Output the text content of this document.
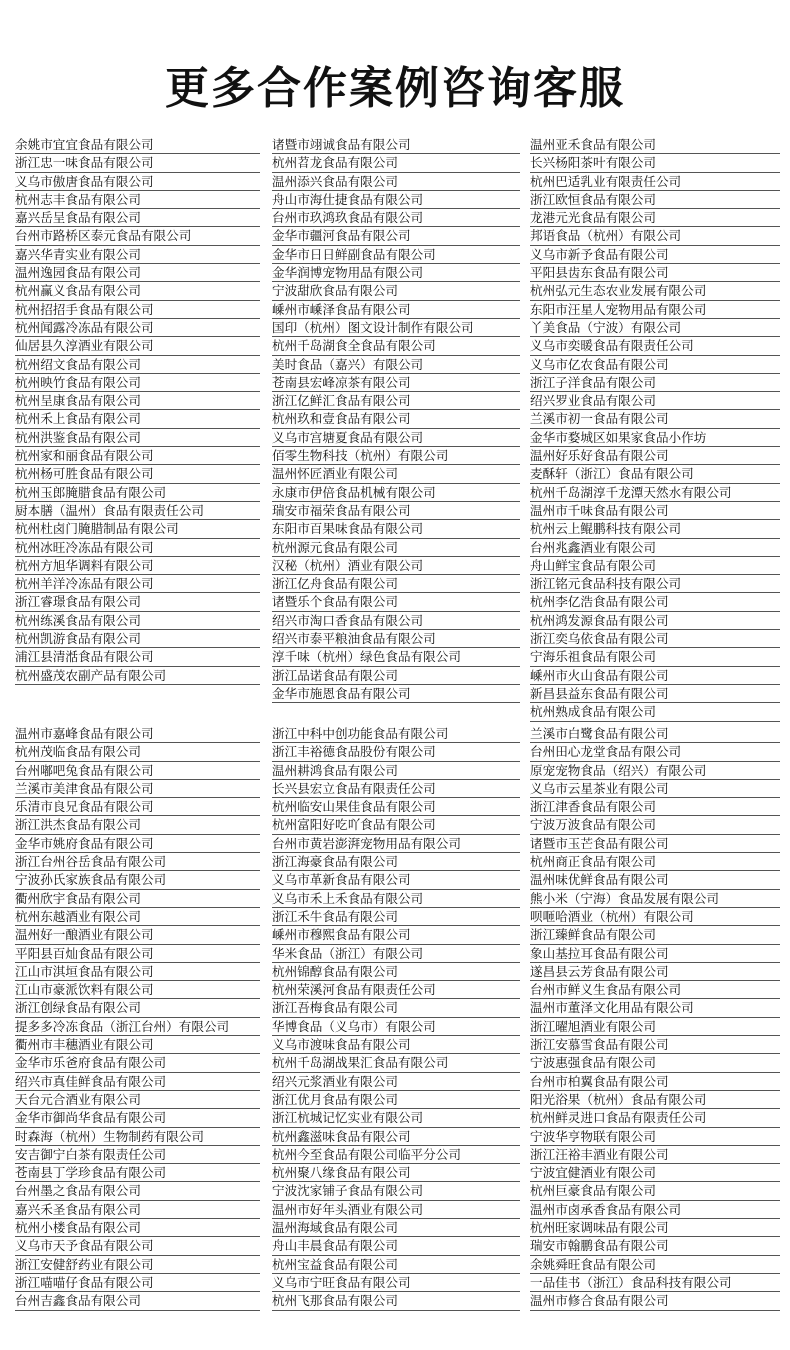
更多合作案例咨询客服
余姚市宜宜食品有限公司
浙江忠一味食品有限公司
义乌市傲唐食品有限公司
杭州志丰食品有限公司
嘉兴岳呈食品有限公司
台州市路桥区泰元食品有限公司
嘉兴华青实业有限公司
温州逸园食品有限公司
杭州赢义食品有限公司
杭州招招手食品有限公司
杭州闻露冷冻品有限公司
仙居县久淳酒业有限公司
杭州绍文食品有限公司
杭州映竹食品有限公司
杭州呈康食品有限公司
杭州禾上食品有限公司
杭州洪鉴食品有限公司
杭州家和丽食品有限公司
杭州杨可胜食品有限公司
杭州玉郎腌腊食品有限公司
厨本膳（温州）食品有限责任公司
杭州杜卤门腌腊制品有限公司
杭州冰旺冷冻品有限公司
杭州方旭华调料有限公司
杭州羊洋冷冻品有限公司
浙江睿璟食品有限公司
杭州练溪食品有限公司
杭州凯游食品有限公司
浦江县清湉食品有限公司
杭州盛茂农副产品有限公司
诸暨市翊诚食品有限公司
杭州苕龙食品有限公司
温州添兴食品有限公司
舟山市海仕捷食品有限公司
台州市玖鸿玖食品有限公司
金华市疆河食品有限公司
金华市日日鲜副食品有限公司
金华润博宠物用品有限公司
宁波甜欣食品有限公司
嵊州市嵊泽食品有限公司
国印（杭州）图文设计制作有限公司
杭州千岛湖食全食品有限公司
美时食品（嘉兴）有限公司
苍南县宏峰凉茶有限公司
浙江亿鲜汇食品有限公司
杭州玖和壹食品有限公司
义乌市宫塘夏食品有限公司
佰零生物科技（杭州）有限公司
温州怀匠酒业有限公司
永康市伊倍食品机械有限公司
瑞安市福荣食品有限公司
东阳市百果味食品有限公司
杭州源元食品有限公司
汉秘（杭州）酒业有限公司
浙江亿舟食品有限公司
诸暨乐个食品有限公司
绍兴市淘口香食品有限公司
绍兴市泰平粮油食品有限公司
淳千味（杭州）绿色食品有限公司
浙江品诺食品有限公司
金华市施恩食品有限公司
温州亚禾食品有限公司
长兴杨阳茶叶有限公司
杭州巴适乳业有限责任公司
浙江欧恒食品有限公司
龙港元光食品有限公司
邦语食品（杭州）有限公司
义乌市新予食品有限公司
平阳县齿东食品有限公司
杭州弘元生态农业发展有限公司
东阳市汪星人宠物用品有限公司
丫美食品（宁波）有限公司
义乌市奕暖食品有限责任公司
义乌市亿农食品有限公司
浙江子洋食品有限公司
绍兴罗业食品有限公司
兰溪市初一食品有限公司
金华市婺城区如果家食品小作坊
温州好乐好食品有限公司
麦酥轩（浙江）食品有限公司
杭州千岛湖淳千龙潭天然水有限公司
温州市千味食品有限公司
杭州云上鲲鹏科技有限公司
台州兆鑫酒业有限公司
舟山鲜宝食品有限公司
浙江铭元食品科技有限公司
杭州李亿浩食品有限公司
杭州鸿发源食品有限公司
浙江奕乌依食品有限公司
宁海乐祖食品有限公司
嵊州市火山食品有限公司
新昌县益东食品有限公司
杭州熟成食品有限公司
温州市嘉峰食品有限公司
杭州茂临食品有限公司
台州嘟吧兔食品有限公司
兰溪市美津食品有限公司
乐清市良兄食品有限公司
浙江洪杰食品有限公司
金华市姚府食品有限公司
浙江台州谷岳食品有限公司
宁波孙氏家族食品有限公司
衢州欣宇食品有限公司
杭州东越酒业有限公司
温州好一酿酒业有限公司
平阳县百灿食品有限公司
江山市淇垣食品有限公司
江山市豪派饮料有限公司
浙江创绿食品有限公司
提多多冷冻食品（浙江台州）有限公司
衢州市丰穗酒业有限公司
金华市乐爸府食品有限公司
绍兴市真佳鲜食品有限公司
天台元合酒业有限公司
金华市御尚华食品有限公司
时森海（杭州）生物制药有限公司
安吉御宁白茶有限责任公司
苍南县丁学珍食品有限公司
台州墨之食品有限公司
嘉兴禾圣食品有限公司
杭州小楼食品有限公司
义乌市天予食品有限公司
浙江安健舒药业有限公司
浙江喵喵仔食品有限公司
台州吉鑫食品有限公司
浙江中科中创功能食品有限公司
浙江丰裕德食品股份有限公司
温州耕鸿食品有限公司
长兴县宏立食品有限责任公司
杭州临安山果佳食品有限公司
杭州富阳好吃吖食品有限公司
台州市黄岩澎湃宠物用品有限公司
浙江海豪食品有限公司
义乌市革新食品有限公司
义乌市禾上禾食品有限公司
浙江禾牛食品有限公司
嵊州市穆熙食品有限公司
华米食品（浙江）有限公司
杭州锦醇食品有限公司
杭州荣溪河食品有限责任公司
浙江吾梅食品有限公司
华博食品（义乌市）有限公司
义乌市渡味食品有限公司
杭州千岛湖战果汇食品有限公司
绍兴元浆酒业有限公司
浙江优月食品有限公司
浙江杭城记忆实业有限公司
杭州鑫滋味食品有限公司
杭州今至食品有限公司临平分公司
杭州聚八缘食品有限公司
宁波沈家铺子食品有限公司
温州市好年头酒业有限公司
温州海域食品有限公司
舟山丰晨食品有限公司
杭州宝益食品有限公司
义乌市宁旺食品有限公司
杭州飞那食品有限公司
兰溪市白鹭食品有限公司
台州田心龙堂食品有限公司
原宠宠物食品（绍兴）有限公司
义乌市云星茶业有限公司
浙江津香食品有限公司
宁波万波食品有限公司
诸暨市玉芒食品有限公司
杭州商正食品有限公司
温州味优鲜食品有限公司
熊小米（宁海）食品发展有限公司
呗咂哈酒业（杭州）有限公司
浙江臻鲜食品有限公司
象山基拉耳食品有限公司
遂昌县云芳食品有限公司
台州市鲜义生食品有限公司
温州市董泽文化用品有限公司
浙江曜旭酒业有限公司
浙江安慕雪食品有限公司
宁波惠强食品有限公司
台州市柏翼食品有限公司
阳光浴果（杭州）食品有限公司
杭州鲜灵进口食品有限责任公司
宁波华亨物联有限公司
浙江汪裕丰酒业有限公司
宁波宜健酒业有限公司
杭州巨豪食品有限公司
温州市卤承香食品有限公司
杭州旺家调味品有限公司
瑞安市翰鹏食品有限公司
余姚舜旺食品有限公司
一品佳书（浙江）食品科技有限公司
温州市修合食品有限公司
